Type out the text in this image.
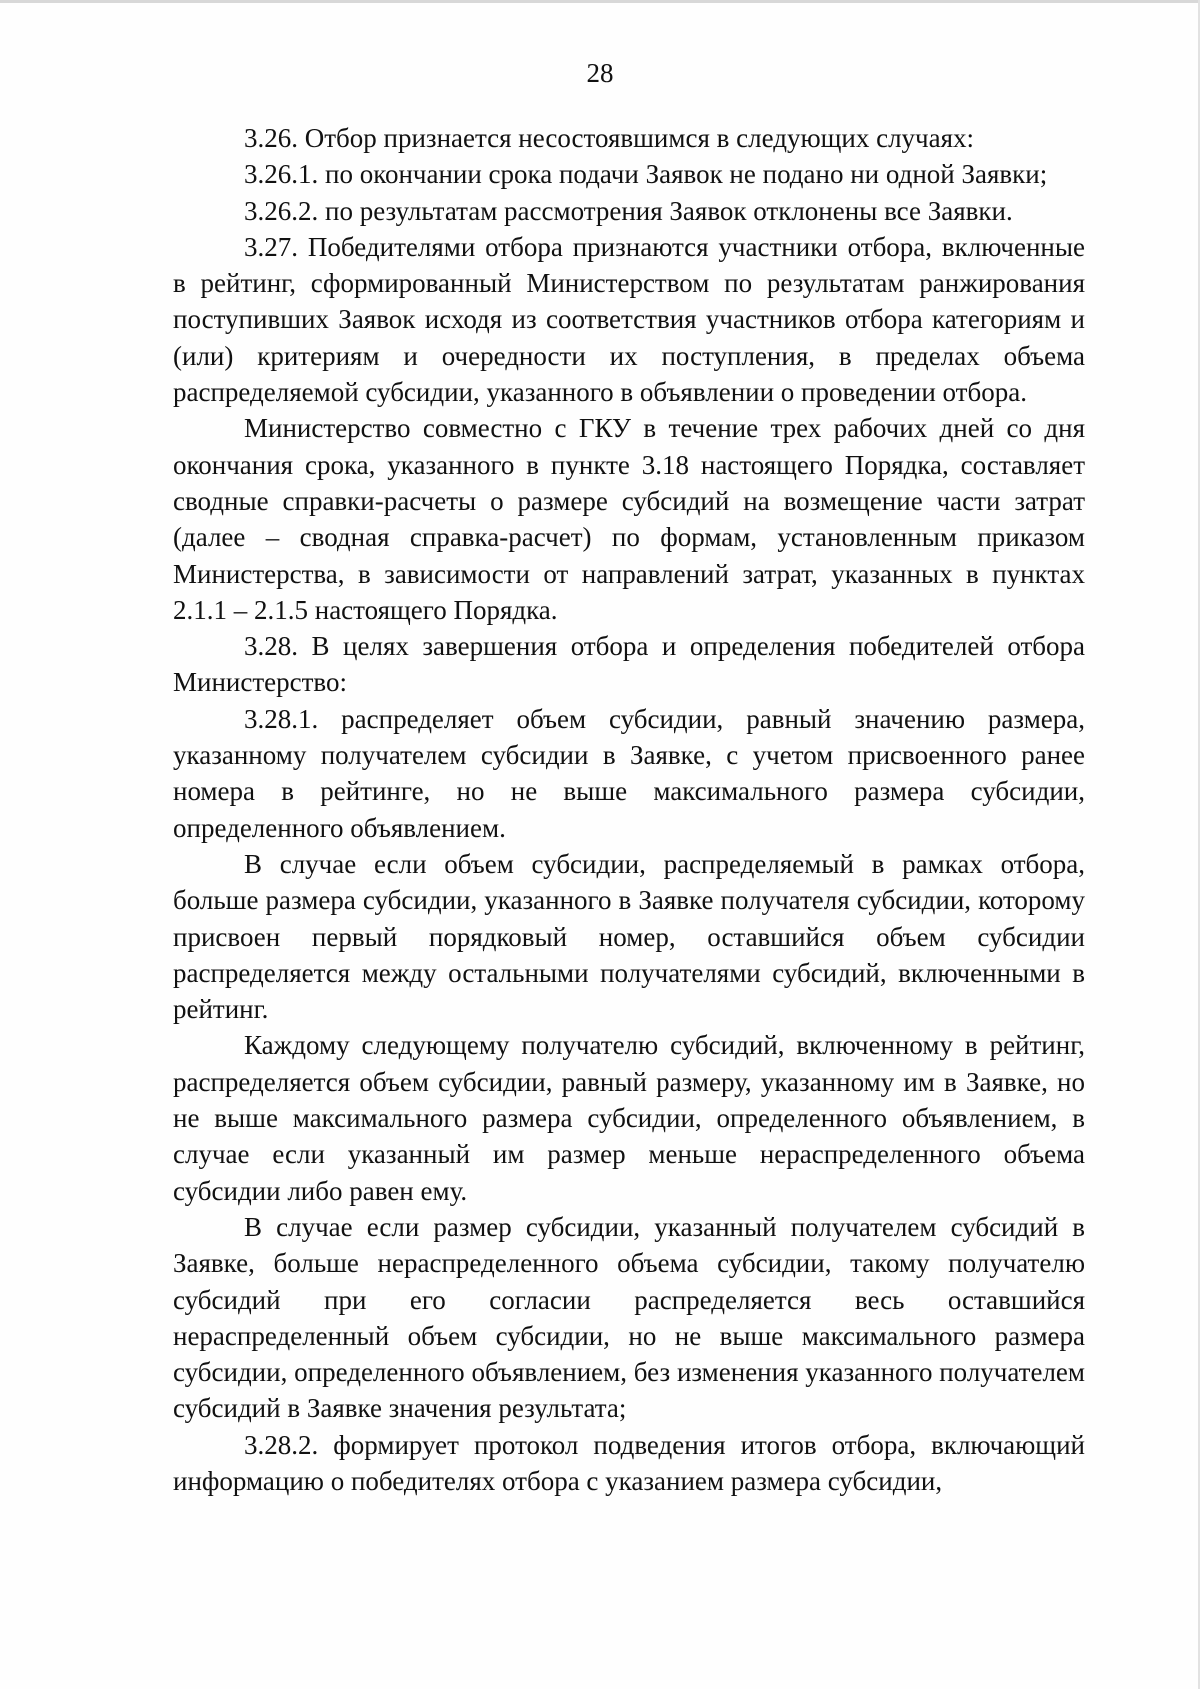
28

3.26. Отбор признается несостоявшимся в следующих случаях:

3.26.1. по окончании срока подачи Заявок не подано ни одной Заявки;

3.26.2. по результатам рассмотрения Заявок отклонены все Заявки.

3.27. Победителями отбора признаются участники отбора, включенные в рейтинг, сформированный Министерством по результатам ранжирования поступивших Заявок исходя из соответствия участников отбора категориям и (или) критериям и очередности их поступления, в пределах объема распределяемой субсидии, указанного в объявлении о проведении отбора.

Министерство совместно с ГКУ в течение трех рабочих дней со дня окончания срока, указанного в пункте 3.18 настоящего Порядка, составляет сводные справки-расчеты о размере субсидий на возмещение части затрат (далее – сводная справка-расчет) по формам, установленным приказом Министерства, в зависимости от направлений затрат, указанных в пунктах 2.1.1 – 2.1.5 настоящего Порядка.

3.28. В целях завершения отбора и определения победителей отбора Министерство:

3.28.1. распределяет объем субсидии, равный значению размера, указанному получателем субсидии в Заявке, с учетом присвоенного ранее номера в рейтинге, но не выше максимального размера субсидии, определенного объявлением.

В случае если объем субсидии, распределяемый в рамках отбора, больше размера субсидии, указанного в Заявке получателя субсидии, которому присвоен первый порядковый номер, оставшийся объем субсидии распределяется между остальными получателями субсидий, включенными в рейтинг.

Каждому следующему получателю субсидий, включенному в рейтинг, распределяется объем субсидии, равный размеру, указанному им в Заявке, но не выше максимального размера субсидии, определенного объявлением, в случае если указанный им размер меньше нераспределенного объема субсидии либо равен ему.

В случае если размер субсидии, указанный получателем субсидий в Заявке, больше нераспределенного объема субсидии, такому получателю субсидий при его согласии распределяется весь оставшийся нераспределенный объем субсидии, но не выше максимального размера субсидии, определенного объявлением, без изменения указанного получателем субсидий в Заявке значения результата;

3.28.2. формирует протокол подведения итогов отбора, включающий информацию о победителях отбора с указанием размера субсидии,
